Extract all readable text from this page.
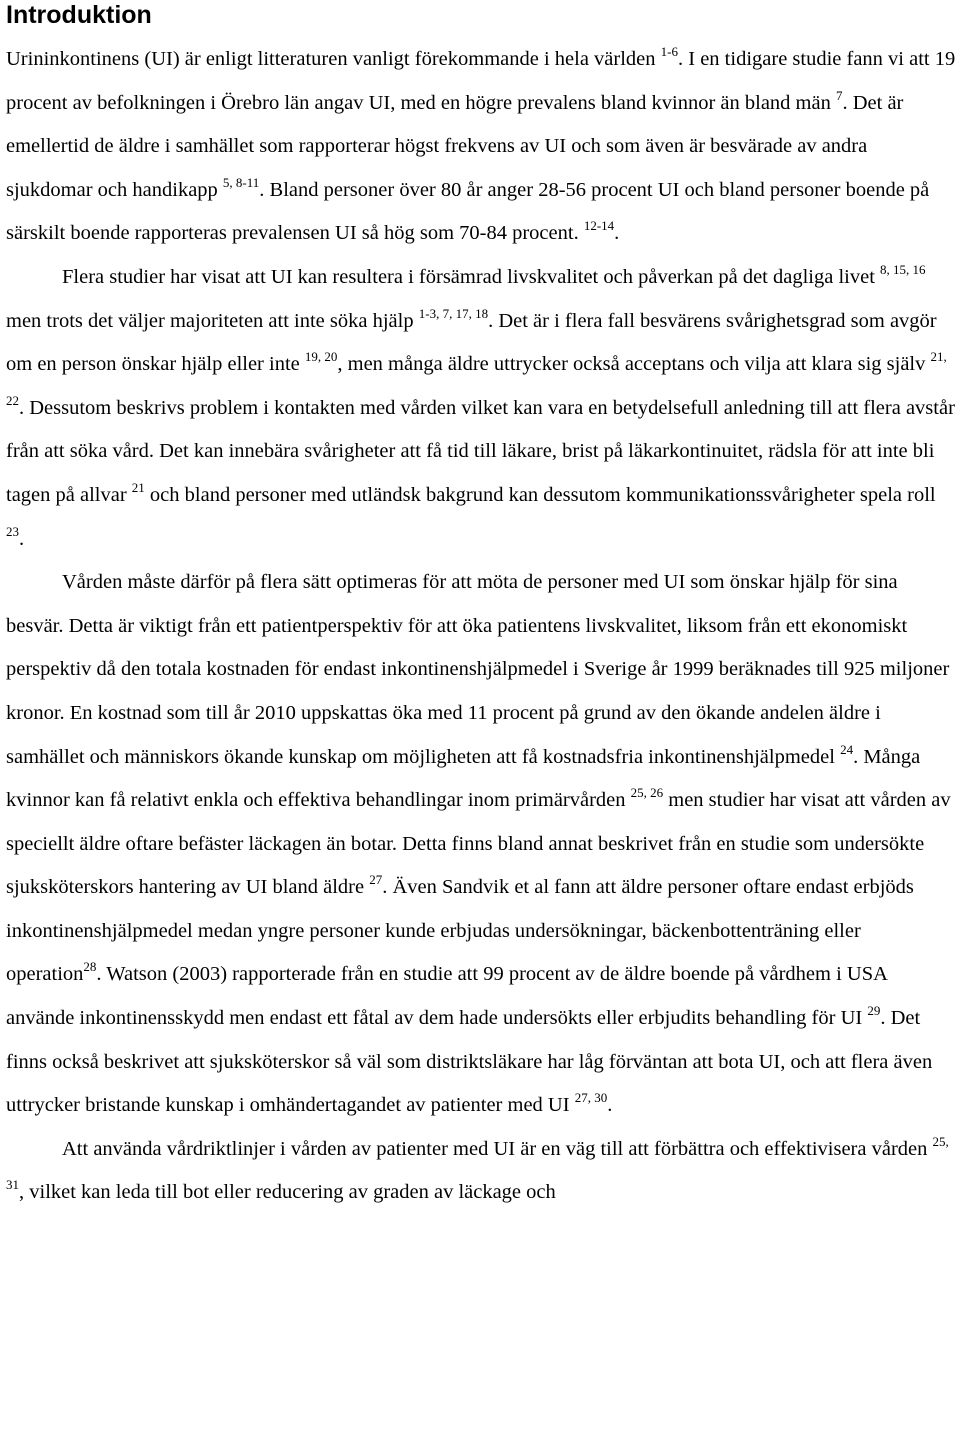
Introduktion

Urininkontinens (UI) är enligt litteraturen vanligt förekommande i hela världen $^{1-6}$. I en tidigare studie fann vi att 19 procent av befolkningen i Örebro län angav UI, med en högre prevalens bland kvinnor än bland män $^7$. Det är emellertid de äldre i samhället som rapporterar högst frekvens av UI och som även är besvärade av andra sjukdomar och handikapp $^{5, 8-11}$. Bland personer över 80 år anger 28-56 procent UI och bland personer boende på särskilt boende rapporteras prevalensen UI så hög som 70-84 procent. $^{12-14}$.

Flera studier har visat att UI kan resultera i försämrad livskvalitet och påverkan på det dagliga livet $^{8, 15, 16}$ men trots det väljer majoriteten att inte söka hjälp $^{1-3, 7, 17, 18}$. Det är i flera fall besvärens svårighetsgrad som avgör om en person önskar hjälp eller inte $^{19, 20}$, men många äldre uttrycker också acceptans och vilja att klara sig själv $^{21, 22}$. Dessutom beskrivs problem i kontakten med vården vilket kan vara en betydelsefull anledning till att flera avstår från att söka vård. Det kan innebära svårigheter att få tid till läkare, brist på läkarkontinuitet, rädsla för att inte bli tagen på allvar $^{21}$ och bland personer med utländsk bakgrund kan dessutom kommunikationssvårigheter spela roll $^{23}$.

Vården måste därför på flera sätt optimeras för att möta de personer med UI som önskar hjälp för sina besvär. Detta är viktigt från ett patientperspektiv för att öka patientens livskvalitet, liksom från ett ekonomiskt perspektiv då den totala kostnaden för endast inkontinenshjälpmedel i Sverige år 1999 beräknades till 925 miljoner kronor. En kostnad som till år 2010 uppskattas öka med 11 procent på grund av den ökande andelen äldre i samhället och människors ökande kunskap om möjligheten att få kostnadsfria inkontinenshjälpmedel $^{24}$. Många kvinnor kan få relativt enkla och effektiva behandlingar inom primärvården $^{25, 26}$ men studier har visat att vården av speciellt äldre oftare befäster läckagen än botar. Detta finns bland annat beskrivet från en studie som undersökte sjuksköterskors hantering av UI bland äldre $^{27}$. Även Sandvik et al fann att äldre personer oftare endast erbjöds inkontinenshjälpmedel medan yngre personer kunde erbjudas undersökningar, bäckenbottenträning eller operation$^{28}$. Watson (2003) rapporterade från en studie att 99 procent av de äldre boende på vårdhem i USA använde inkontinensskydd men endast ett fåtal av dem hade undersökts eller erbjudits behandling för UI $^{29}$. Det finns också beskrivet att sjuksköterskor så väl som distriktsläkare har låg förväntan att bota UI, och att flera även uttrycker bristande kunskap i omhändertagandet av patienter med UI $^{27, 30}$.

Att använda vårdriktlinjer i vården av patienter med UI är en väg till att förbättra och effektivisera vården $^{25, 31}$, vilket kan leda till bot eller reducering av graden av läckage och
